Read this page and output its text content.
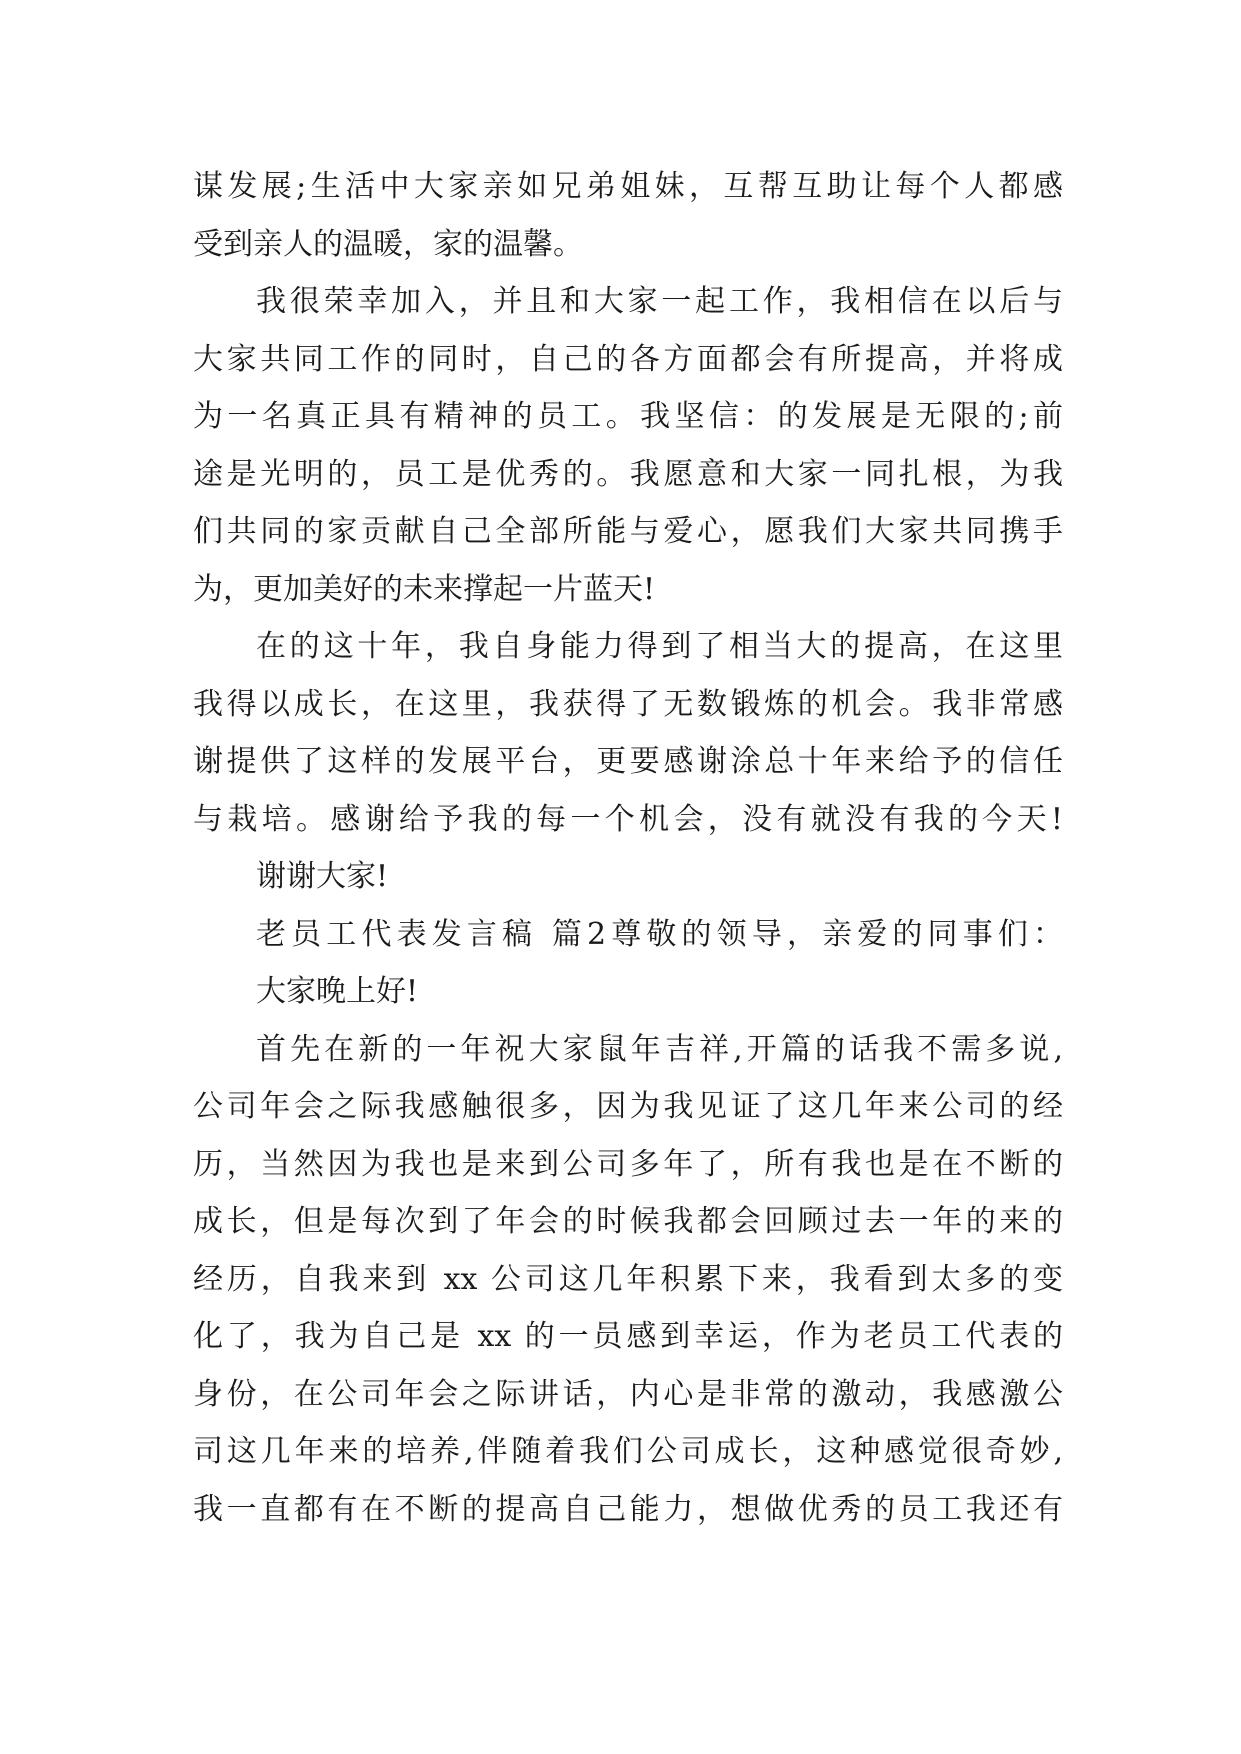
谋发展;生活中大家亲如兄弟姐妹，互帮互助让每个人都感
受到亲人的温暖，家的温馨。
我很荣幸加入，并且和大家一起工作，我相信在以后与
大家共同工作的同时，自己的各方面都会有所提高，并将成
为一名真正具有精神的员工。我坚信：的发展是无限的;前
途是光明的，员工是优秀的。我愿意和大家一同扎根，为我
们共同的家贡献自己全部所能与爱心，愿我们大家共同携手
为，更加美好的未来撑起一片蓝天!
在的这十年，我自身能力得到了相当大的提高，在这里
我得以成长，在这里，我获得了无数锻炼的机会。我非常感
谢提供了这样的发展平台，更要感谢涂总十年来给予的信任
与栽培。感谢给予我的每一个机会，没有就没有我的今天!
谢谢大家!
老员工代表发言稿 篇2尊敬的领导，亲爱的同事们：
大家晚上好!
首先在新的一年祝大家鼠年吉祥,开篇的话我不需多说,
公司年会之际我感触很多，因为我见证了这几年来公司的经
历，当然因为我也是来到公司多年了，所有我也是在不断的
成长，但是每次到了年会的时候我都会回顾过去一年的来的
经历，自我来到 xx 公司这几年积累下来，我看到太多的变
化了，我为自己是 xx 的一员感到幸运，作为老员工代表的
身份，在公司年会之际讲话，内心是非常的激动，我感激公
司这几年来的培养,伴随着我们公司成长，这种感觉很奇妙,
我一直都有在不断的提高自己能力，想做优秀的员工我还有
